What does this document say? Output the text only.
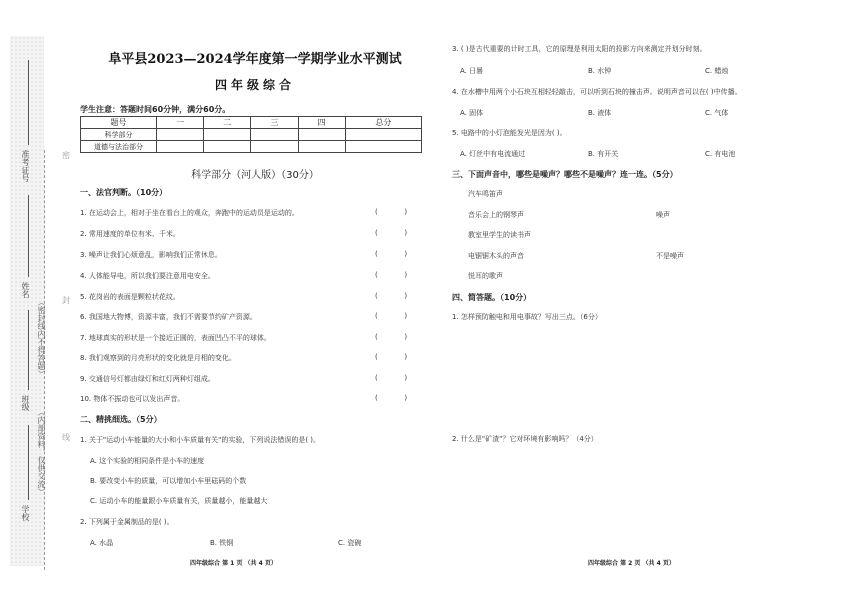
准考证号
姓名
班级
学校
密
封
线
（密封线内不得答题）
（内部资料，仅供交流）
阜平县2023—2024学年度第一学期学业水平测试
四年级综合
学生注意：答题时间60分钟，满分60分。
题号	一	二	三	四	总分
科学部分					
道德与法治部分					
科学部分（河人版）（30分）
一、法官判断。（10分）
1. 在运动会上，相对于坐在看台上的观众，奔跑中的运动员是运动的。	(            )
2. 常用速度的单位有米、千米。	(            )
3. 噪声让我们心烦意乱，影响我们正常休息。	(            )
4. 人体能导电，所以我们要注意用电安全。	(            )
5. 花岗岩的表面是颗粒状花纹。	(            )
6. 我国地大物博，资源丰富，我们不需要节约矿产资源。	(            )
7. 地球真实的形状是一个接近正圆的，表面凹凸不平的球体。	(            )
8. 我们观察到的月亮形状的变化就是月相的变化。	(            )
9. 交通信号灯都由绿灯和红灯两种灯组成。	(            )
10. 物体不振动也可以发出声音。	(            )
二、精挑细选。（5分）
1. 关于"运动小车能量的大小和小车质量有关"的实验，下列说法错误的是( )。
A. 这个实验的相同条件是小车的速度
B. 要改变小车的质量，可以增加小车里砝码的个数
C. 运动小车的能量跟小车质量有关，质量越小，能量越大
2. 下列属于金属制品的是( )。
A. 水晶	B. 铁钢	C. 瓷碗
四年级综合 第 1 页 （共 4 页）
3. ( )是古代重要的计时工具，它的原理是利用太阳的投影方向来测定并划分时刻。
A. 日晷	B. 水钟	C. 蜡烛
4. 在水槽中用两个小石块互相轻轻敲击，可以听到石块的撞击声。说明声音可以在( )中传播。
A. 固体	B. 液体	C. 气体
5. 电路中的小灯泡能发光是因为( )。
A. 灯丝中有电流通过	B. 有开关	C. 有电池
三、下面声音中，哪些是噪声？哪些不是噪声？连一连。（5分）
汽车鸣笛声
音乐会上的钢琴声
教室里学生的读书声
电锯锯木头的声音
悦耳的歌声
噪声
不是噪声
四、简答题。（10分）
1. 怎样预防触电和用电事故？写出三点。（6分）
2. 什么是"矿渣"？它对环境有影响吗？（4分）
四年级综合 第 2 页 （共 4 页）
